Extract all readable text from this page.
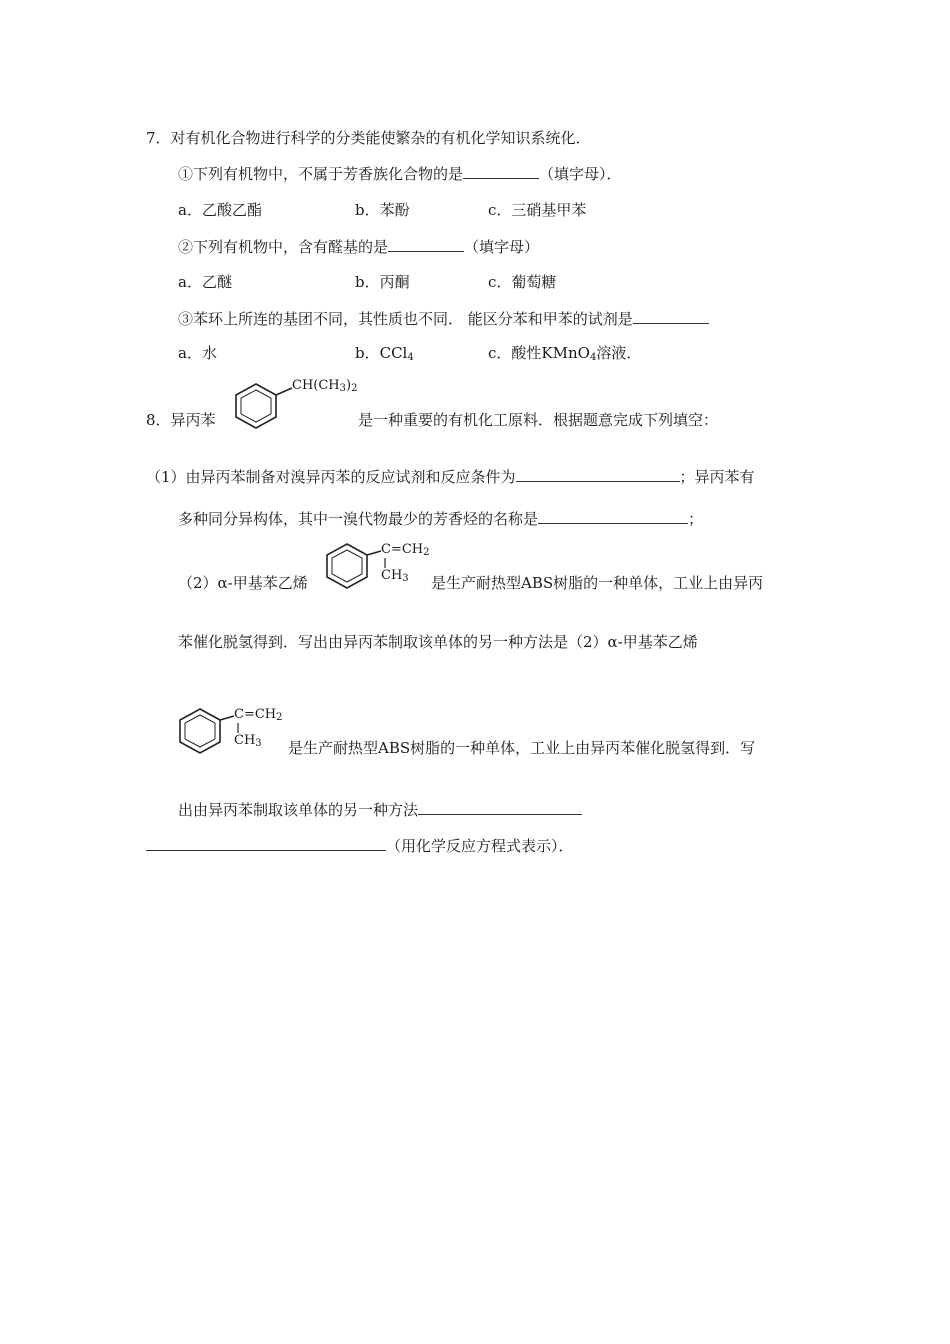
7．对有机化合物进行科学的分类能使繁杂的有机化学知识系统化．
①下列有机物中，不属于芳香族化合物的是	（填字母）．
a．乙酸乙酯	b．苯酚	c．三硝基甲苯
②下列有机物中，含有醛基的是	（填字母）
a．乙醚	b．丙酮	c．葡萄糖
③苯环上所连的基团不同，其性质也不同． 能区分苯和甲苯的试剂是
a．水	b．CCl$_4$	c．酸性KMnO$_4$溶液．
8．异丙苯
$CH(CH_3)_2$
是一种重要的有机化工原料．根据题意完成下列填空：
（1）由异丙苯制备对溴异丙苯的反应试剂和反应条件为	；异丙苯有
多种同分异构体，其中一溴代物最少的芳香烃的名称是	；
（2）α-甲基苯乙烯
$C=CH_2$
$CH_3$ 是生产耐热型ABS树脂的一种单体，工业上由异丙
苯催化脱氢得到．写出由异丙苯制取该单体的另一种方法是（2）α-甲基苯乙烯
$C=CH_2$
$CH_3$ 是生产耐热型ABS树脂的一种单体，工业上由异丙苯催化脱氢得到．写
出由异丙苯制取该单体的另一种方法
（用化学反应方程式表示）．
